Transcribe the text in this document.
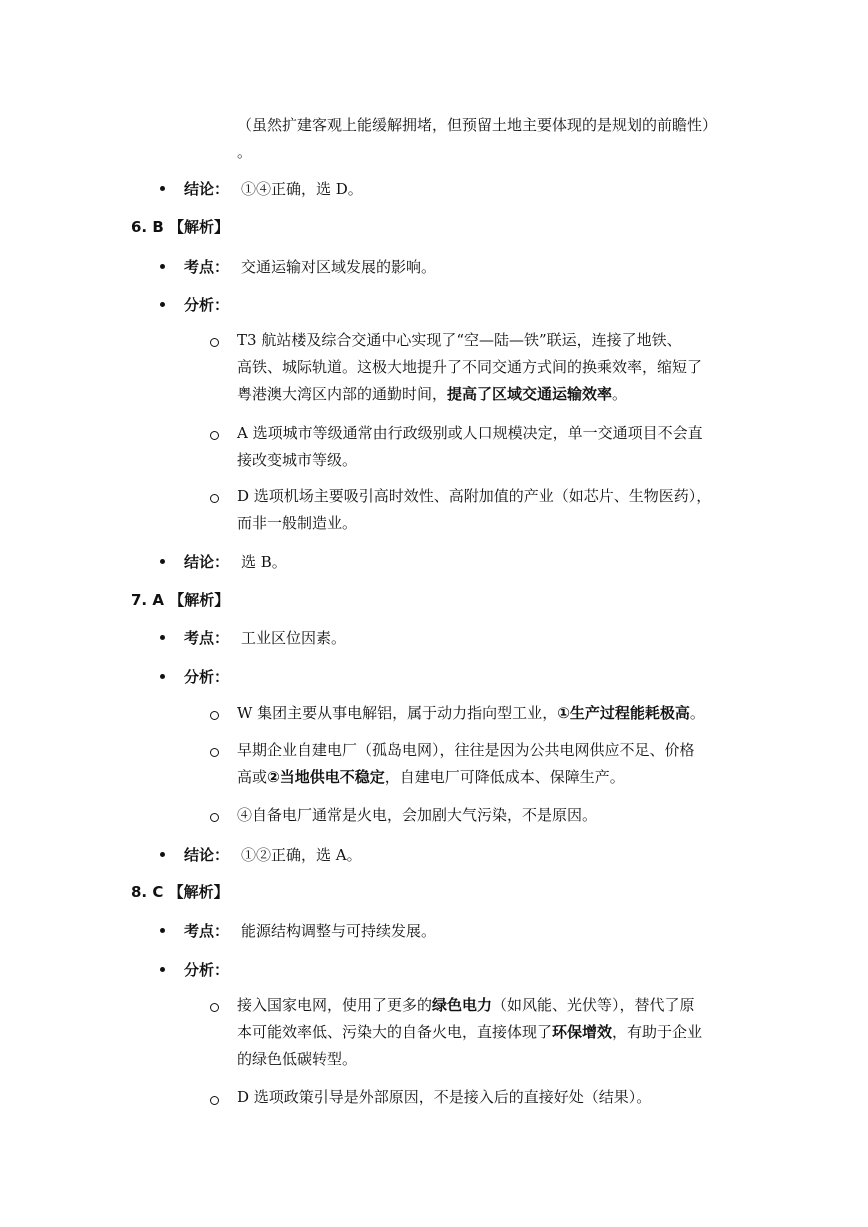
（虽然扩建客观上能缓解拥堵，但预留土地主要体现的是规划的前瞻性）
。
结论： ①④正确，选 D。
6. B 【解析】
考点： 交通运输对区域发展的影响。
分析：
T3 航站楼及综合交通中心实现了“空—陆—铁”联运，连接了地铁、
高铁、城际轨道。这极大地提升了不同交通方式间的换乘效率，缩短了
粤港澳大湾区内部的通勤时间，提高了区域交通运输效率。
A 选项城市等级通常由行政级别或人口规模决定，单一交通项目不会直
接改变城市等级。
D 选项机场主要吸引高时效性、高附加值的产业（如芯片、生物医药），
而非一般制造业。
结论： 选 B。
7. A 【解析】
考点： 工业区位因素。
分析：
W 集团主要从事电解铝，属于动力指向型工业，①生产过程能耗极高。
早期企业自建电厂（孤岛电网），往往是因为公共电网供应不足、价格
高或②当地供电不稳定，自建电厂可降低成本、保障生产。
④自备电厂通常是火电，会加剧大气污染，不是原因。
结论： ①②正确，选 A。
8. C 【解析】
考点： 能源结构调整与可持续发展。
分析：
接入国家电网，使用了更多的绿色电力（如风能、光伏等），替代了原
本可能效率低、污染大的自备火电，直接体现了环保增效，有助于企业
的绿色低碳转型。
D 选项政策引导是外部原因，不是接入后的直接好处（结果）。
